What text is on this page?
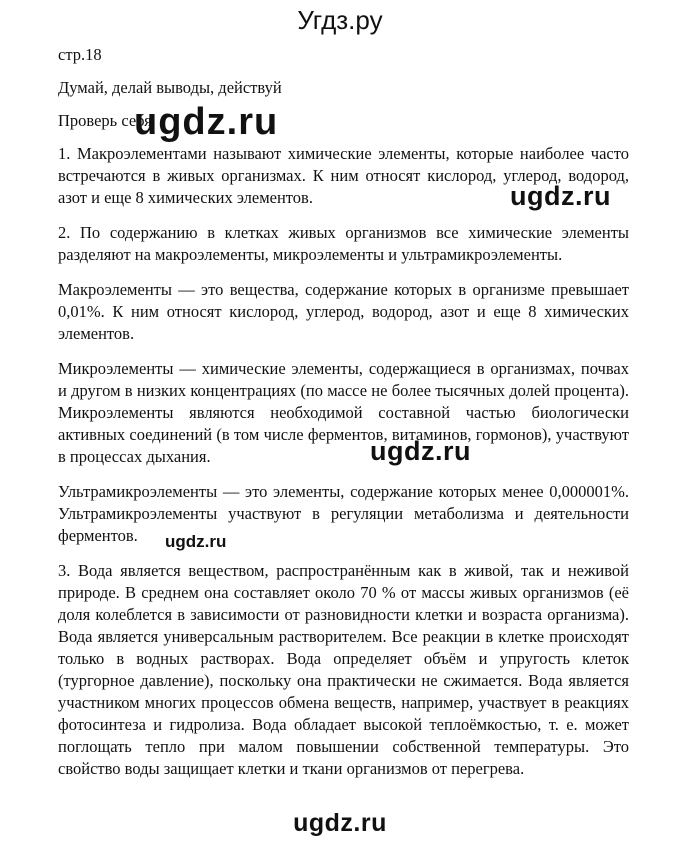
Угдз.ру

стр.18

Думай, делай выводы, действуй

Проверь себя

1. Макроэлементами называют химические элементы, которые наиболее часто встречаются в живых организмах. К ним относят кислород, углерод, водород, азот и еще 8 химических элементов.

2. По содержанию в клетках живых организмов все химические элементы разделяют на макроэлементы, микроэлементы и ультрамикроэлементы.

Макроэлементы — это вещества, содержание которых в организме превышает 0,01%. К ним относят кислород, углерод, водород, азот и еще 8 химических элементов.

Микроэлементы — химические элементы, содержащиеся в организмах, почвах и другом в низких концентрациях (по массе не более тысячных долей процента). Микроэлементы являются необходимой составной частью биологически активных соединений (в том числе ферментов, витаминов, гормонов), участвуют в процессах дыхания.

Ультрамикроэлементы — это элементы, содержание которых менее 0,000001%. Ультрамикроэлементы участвуют в регуляции метаболизма и деятельности ферментов.

3. Вода является веществом, распространённым как в живой, так и неживой природе. В среднем она составляет около 70 % от массы живых организмов (её доля колеблется в зависимости от разновидности клетки и возраста организма). Вода является универсальным растворителем. Все реакции в клетке происходят только в водных растворах. Вода определяет объём и упругость клеток (тургорное давление), поскольку она практически не сжимается. Вода является участником многих процессов обмена веществ, например, участвует в реакциях фотосинтеза и гидролиза. Вода обладает высокой теплоёмкостью, т. е. может поглощать тепло при малом повышении собственной температуры. Это свойство воды защищает клетки и ткани организмов от перегрева.

ugdz.ru
ugdz.ru
ugdz.ru
ugdz.ru
ugdz.ru
